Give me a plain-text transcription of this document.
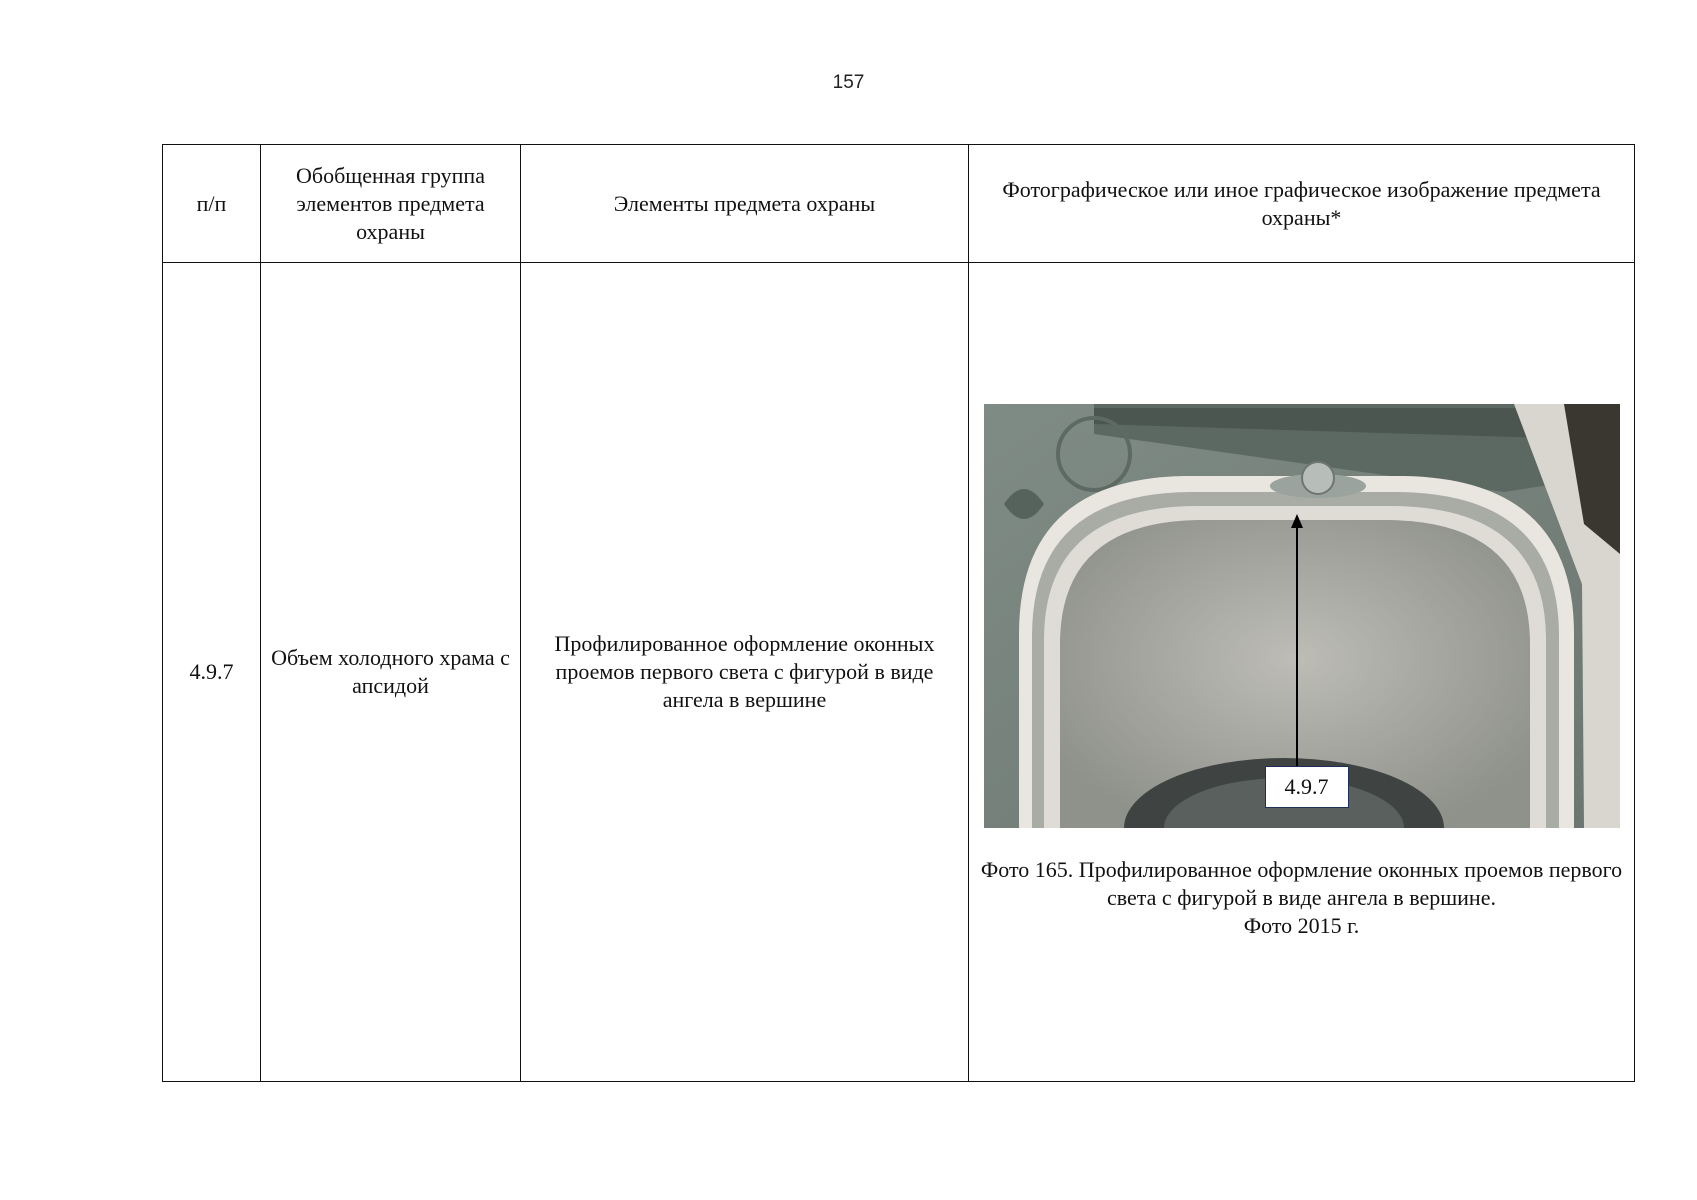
157
п/п	Обобщенная группа элементов предмета охраны	Элементы предмета охраны	Фотографическое или иное графическое изображение предмета охраны*
4.9.7	Объем холодного храма с апсидой	Профилированное оформление оконных проемов первого света с фигурой в виде ангела в вершине	4.9.7
Фото 165. Профилированное оформление оконных проемов первого света с фигурой в виде ангела в вершине.
Фото 2015 г.
